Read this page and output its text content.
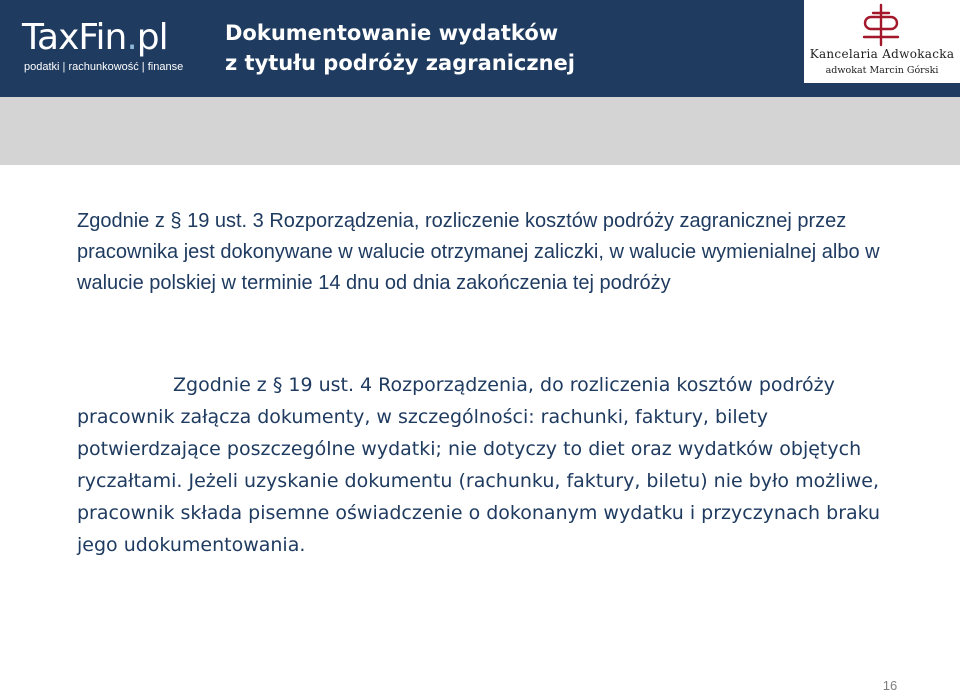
TaxFin.pl
podatki | rachunkowość | finanse
Dokumentowanie wydatków
z tytułu podróży zagranicznej	Kancelaria Adwokacka
adwokat Marcin Górski
Zgodnie z § 19 ust. 3 Rozporządzenia, rozliczenie kosztów podróży zagranicznej przez pracownika jest dokonywane w walucie otrzymanej zaliczki, w walucie wymienialnej albo w walucie polskiej w terminie 14 dnu od dnia zakończenia tej podróży
Zgodnie z § 19 ust. 4 Rozporządzenia, do rozliczenia kosztów podróży pracownik załącza dokumenty, w szczególności: rachunki, faktury, bilety potwierdzające poszczególne wydatki; nie dotyczy to diet oraz wydatków objętych ryczałtami. Jeżeli uzyskanie dokumentu (rachunku, faktury, biletu) nie było możliwe, pracownik składa pisemne oświadczenie o dokonanym wydatku i przyczynach braku jego udokumentowania.
16
